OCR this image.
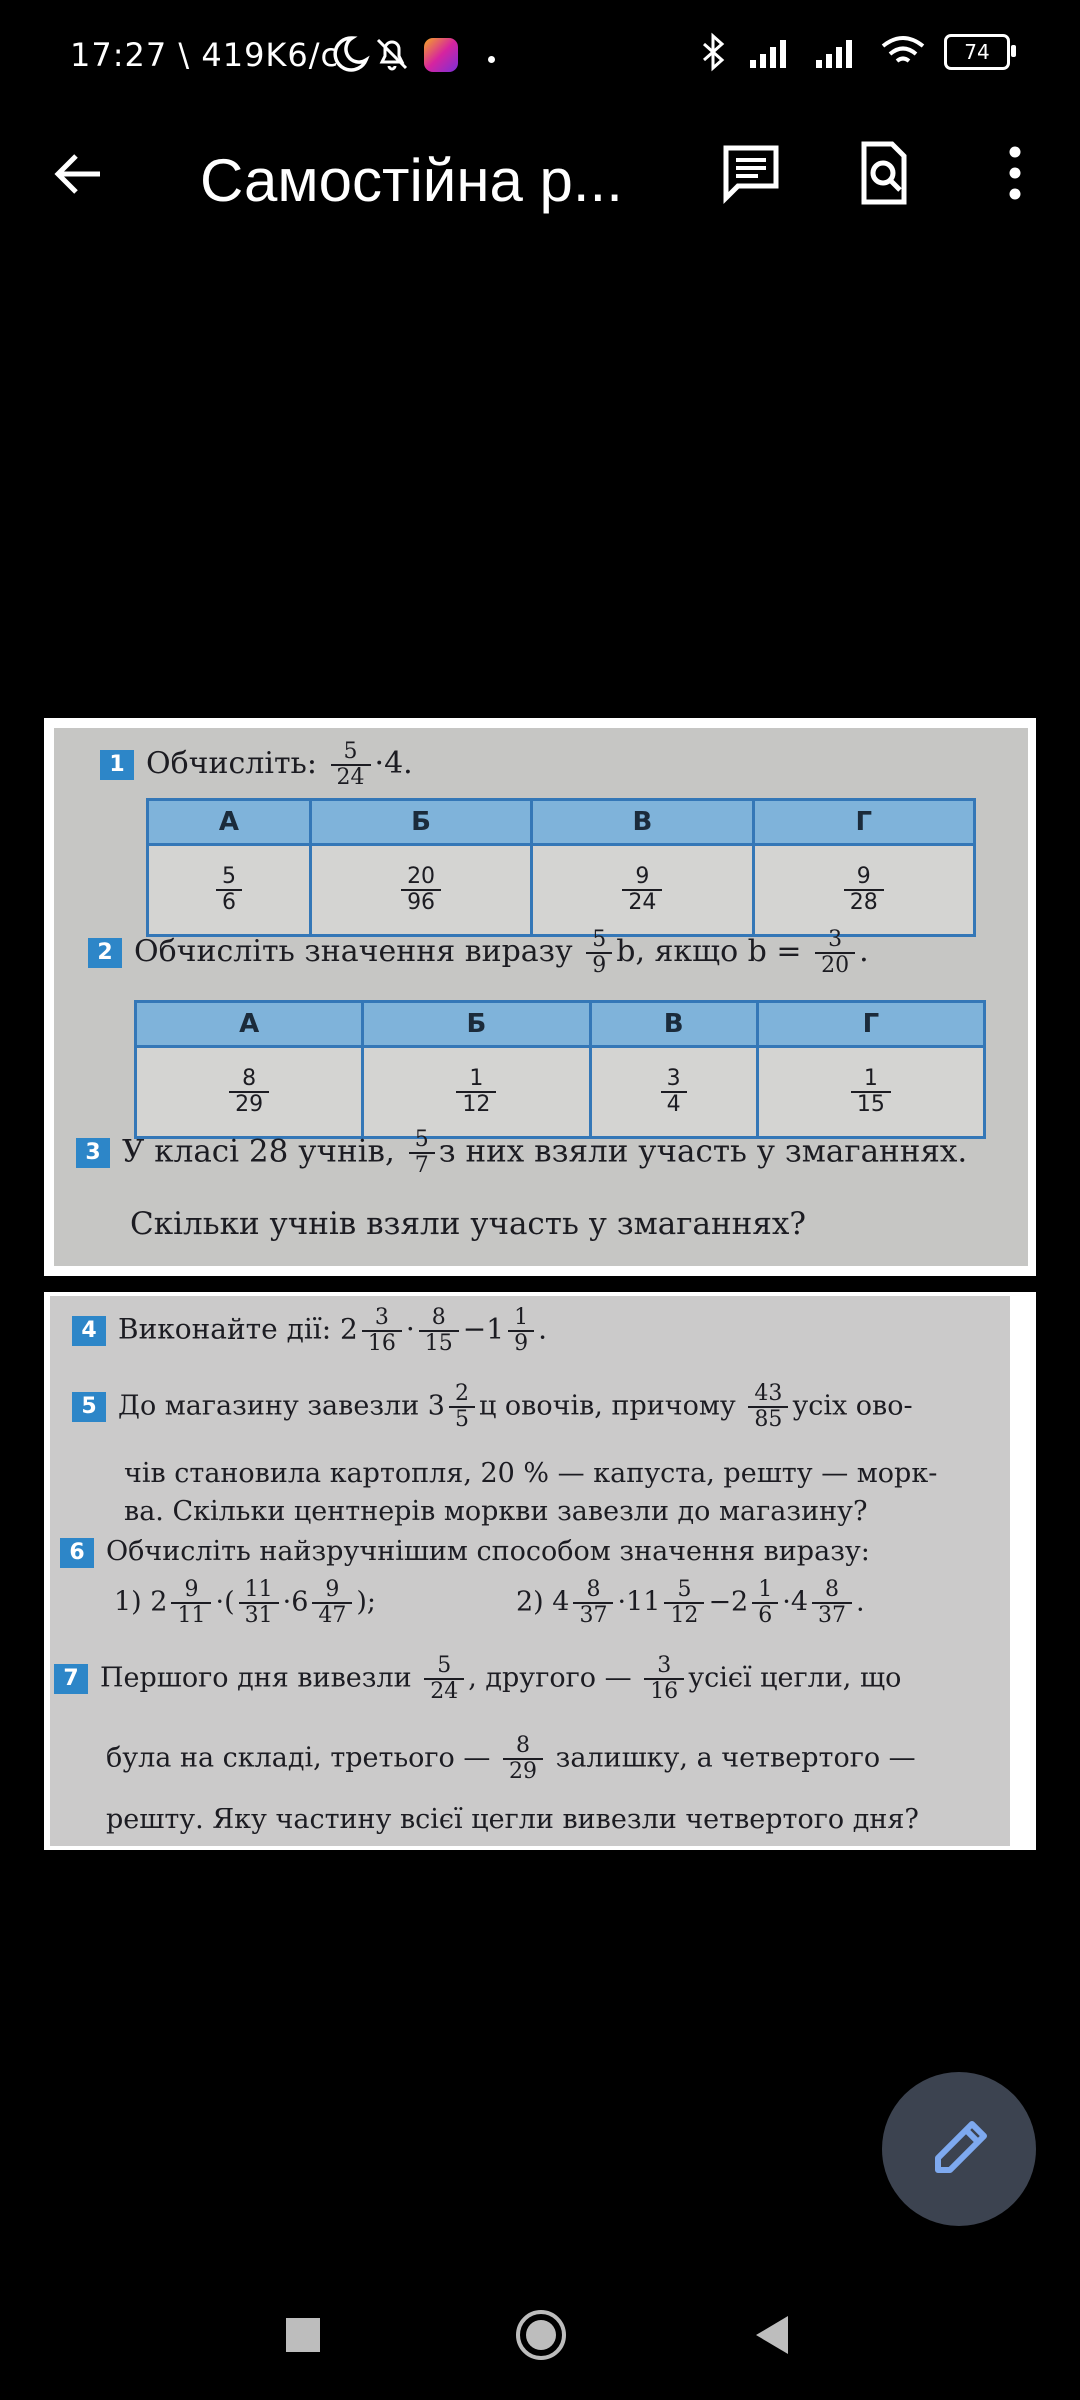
17:27 \ 419K6/c	74
Самостійна р...
1 Обчисліть: $\frac{5}{24} \cdot 4$.
А	Б	В	Г

$\frac{5}{6}$	$\frac{20}{96}$	$\frac{9}{24}$	$\frac{9}{28}$
2 Обчисліть значення виразу $\frac{5}{9} b$, якщо $b = \frac{3}{20}$ .
А	Б	В	Г

$\frac{8}{29}$	$\frac{1}{12}$	$\frac{3}{4}$	$\frac{1}{15}$
3 У класі 28 учнів, $\frac{5}{7}$ з них взяли участь у змаганнях.
Скільки учнів взяли участь у змаганнях?
4 Виконайте дії: $2 \frac{3}{16} \cdot \frac{8}{15} -1 \frac{1}{9}$ .
5 До магазину завезли $3 \frac{2}{5}$ ц овочів, причому $\frac{43}{85}$ усіх ово-
чів становила картопля, 20 % — капуста, решту — морк-
ва. Скільки центнерів моркви завезли до магазину?
6 Обчисліть найзручнішим способом значення виразу:
1) $2 \frac{9}{11}$ ·( $\frac{11}{31} \cdot 6 \frac{9}{47}$ );	2) $4 \frac{8}{37} \cdot 11 \frac{5}{12} -2 \frac{1}{6} \cdot 4 \frac{8}{37}$ .
7 Першого дня вивезли $\frac{5}{24}$ , другого — $\frac{3}{16}$ усієї цегли, що
була на складі, третього — $\frac{8}{29}$ залишку, а четвертого —
решту. Яку частину всієї цегли вивезли четвертого дня?
